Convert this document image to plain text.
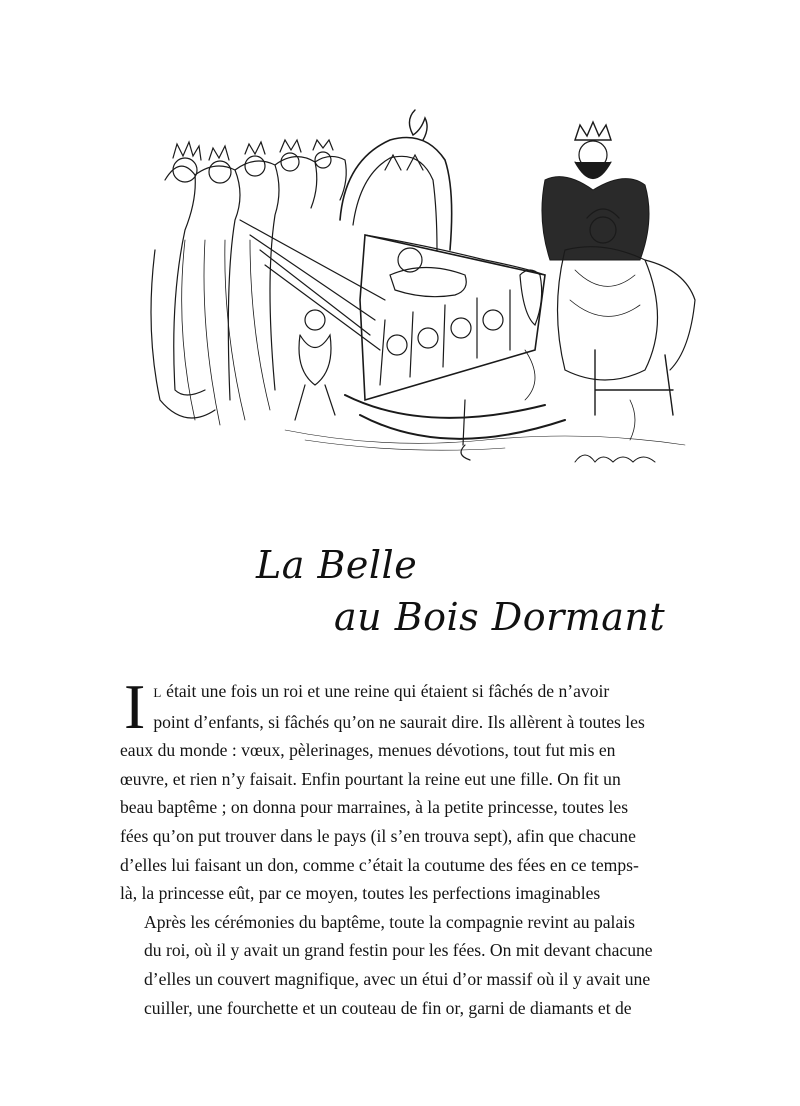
La Belle
au Bois Dormant

I L était une fois un roi et une reine qui étaient si fâchés de n’avoir
point d’enfants, si fâchés qu’on ne saurait dire. Ils allèrent à toutes les
eaux du monde : vœux, pèlerinages, menues dévotions, tout fut mis en
œuvre, et rien n’y faisait. Enfin pourtant la reine eut une fille. On fit un
beau baptême ; on donna pour marraines, à la petite princesse, toutes les
fées qu’on put trouver dans le pays (il s’en trouva sept), afin que chacune
d’elles lui faisant un don, comme c’était la coutume des fées en ce temps-
là, la princesse eût, par ce moyen, toutes les perfections imaginables

Après les cérémonies du baptême, toute la compagnie revint au palais
du roi, où il y avait un grand festin pour les fées. On mit devant chacune
d’elles un couvert magnifique, avec un étui d’or massif où il y avait une
cuiller, une fourchette et un couteau de fin or, garni de diamants et de
